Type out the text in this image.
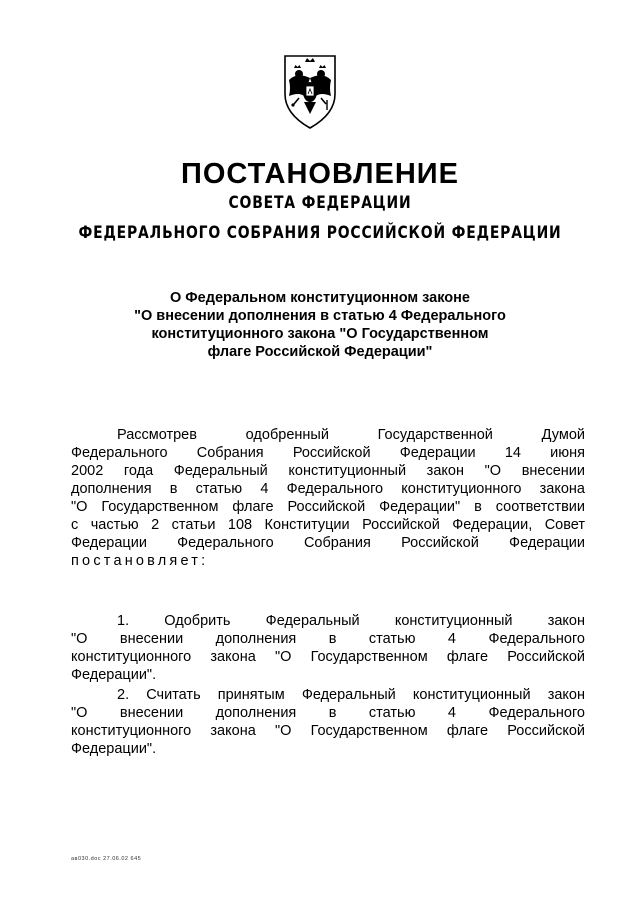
ПОСТАНОВЛЕНИЕ
СОВЕТА ФЕДЕРАЦИИ
ФЕДЕРАЛЬНОГО СОБРАНИЯ РОССИЙСКОЙ ФЕДЕРАЦИИ
О Федеральном конституционном законе
"О внесении дополнения в статью 4 Федерального
конституционного закона "О Государственном
флаге Российской Федерации"
Рассмотрев одобренный Государственной Думой
Федерального Собрания Российской Федерации 14 июня
2002 года Федеральный конституционный закон "О внесении
дополнения в статью 4 Федерального конституционного закона
"О Государственном флаге Российской Федерации" в соответствии
с частью 2 статьи 108 Конституции Российской Федерации, Совет
Федерации Федерального Собрания Российской Федерации
постановляет:
1. Одобрить Федеральный конституционный закон
"О внесении дополнения в статью 4 Федерального
конституционного закона "О Государственном флаге Российской
Федерации".
2. Считать принятым Федеральный конституционный закон
"О внесении дополнения в статью 4 Федерального
конституционного закона "О Государственном флаге Российской
Федерации".
ав030.doc 27.06.02 645
